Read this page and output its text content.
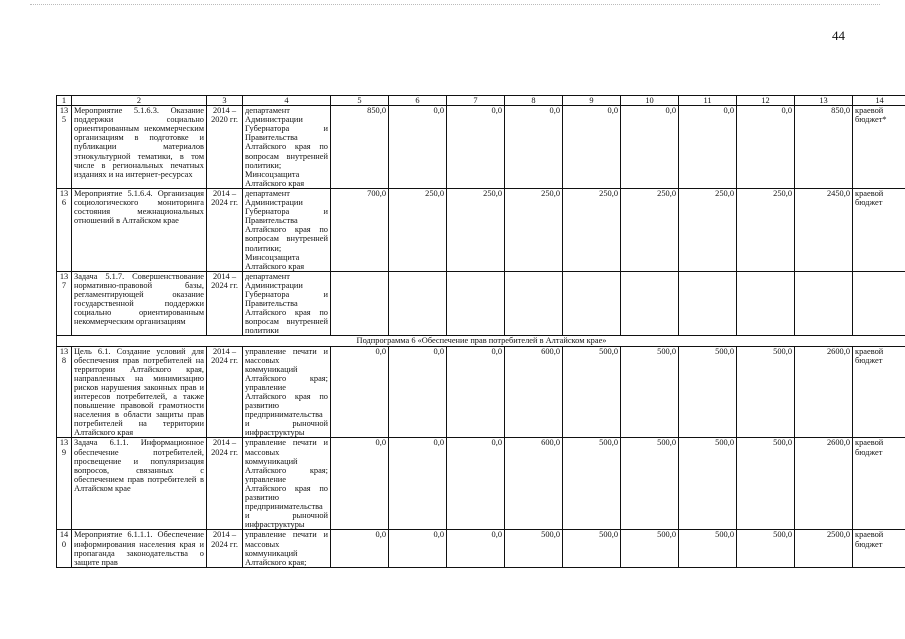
44
1	2	3	4	5	6	7	8	9	10	11	12	13	14
135	Мероприятие 5.1.6.3. Оказание поддержки социально ориентированным некоммерческим организациям в подготовке и публикации материалов этнокультурной тематики, в том числе в региональных печатных изданиях и на интернет-ресурсах	2014 – 2020 гг.	департамент Администрации Губернатора и Правительства Алтайского края по вопросам внутренней политики; Минсоцзащита Алтайского края	850,0	0,0	0,0	0,0	0,0	0,0	0,0	0,0	850,0	краевой бюджет*
136	Мероприятие 5.1.6.4. Организация социологического мониторинга состояния межнациональных отношений в Алтайском крае	2014 – 2024 гг.	департамент Администрации Губернатора и Правительства Алтайского края по вопросам внутренней политики; Минсоцзащита Алтайского края	700,0	250,0	250,0	250,0	250,0	250,0	250,0	250,0	2450,0	краевой бюджет
137	Задача 5.1.7. Совершенствование нормативно-правовой базы, регламентирующей оказание государственной поддержки социально ориентированным некоммерческим организациям	2014 – 2024 гг.	департамент Администрации Губернатора и Правительства Алтайского края по вопросам внутренней политики										
Подпрограмма 6 «Обеспечение прав потребителей в Алтайском крае»													
138	Цель 6.1. Создание условий для обеспечения прав потребителей на территории Алтайского края, направленных на минимизацию рисков нарушения законных прав и интересов потребителей, а также повышение правовой грамотности населения в области защиты прав потребителей на территории Алтайского края	2014 – 2024 гг.	управление печати и массовых коммуникаций Алтайского края; управление Алтайского края по развитию предпринимательства и рыночной инфраструктуры	0,0	0,0	0,0	600,0	500,0	500,0	500,0	500,0	2600,0	краевой бюджет
139	Задача 6.1.1. Информационное обеспечение потребителей, просвещение и популяризация вопросов, связанных с обеспечением прав потребителей в Алтайском крае	2014 – 2024 гг.	управление печати и массовых коммуникаций Алтайского края; управление Алтайского края по развитию предпринимательства и рыночной инфраструктуры	0,0	0,0	0,0	600,0	500,0	500,0	500,0	500,0	2600,0	краевой бюджет
140	Мероприятие 6.1.1.1. Обеспечение информирования населения края и пропаганда законодательства о защите прав	2014 – 2024 гг.	управление печати и массовых коммуникаций Алтайского края;	0,0	0,0	0,0	500,0	500,0	500,0	500,0	500,0	2500,0	краевой бюджет
